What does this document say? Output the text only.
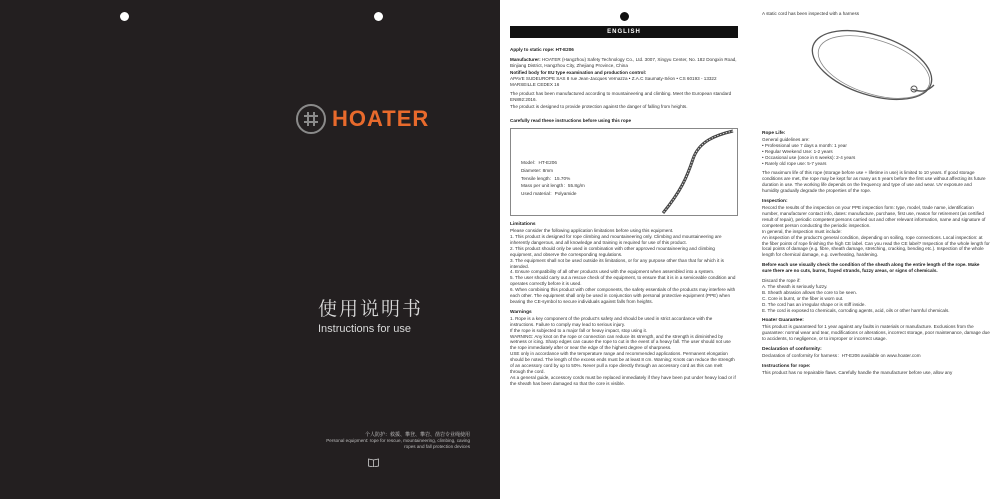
HOATER
使用说明书
Instructions for use
个人防护：救援、攀登、攀岩、凿岩专业绳使用
Personal equipment: rope for rescue, mountaineering, climbing, caving
ropes and fall protection devices
ENGLISH

Apply to static rope: HT-E206

Manufacturer: HOATER (Hangzhou) Safety Technology Co., Ltd. 3007, Xingyu Center, No. 182 Dongxin Road, Binjiang District, Hangzhou City, Zhejiang Province, China

Notified body for EU type examination and production control:
APAVE SUDEUROPE SAS 8 rue Jean-Jacques Vernazza • Z.A.C Saumaty-Séon • CS 60193 - 13322 MARSEILLE CEDEX 16

The product has been manufactured according to mountaineering and climbing. Meet the European standard EN892:2016.

The product is designed to provide protection against the danger of falling from heights.

Carefully read these instructions before using this rope

Model：HT-E206
Diameter: 8mm
Tensile length：15.70%
Mass per unit length：55.8g/m
Used material：Polyamide
Limitations

Please consider the following application limitations before using this equipment.

1. This product is designed for rope climbing and mountaineering only. Climbing and mountaineering are inherently dangerous, and all knowledge and training is required for use of this product.

2. This product should only be used in combination with other approved mountaineering and climbing equipment, and observe the corresponding regulations.

3. The equipment shall not be used outside its limitations, or for any purpose other than that for which it is intended.

4. Ensure compatibility of all other products used with the equipment when assembled into a system.

5. The user should carry out a rescue check of the equipment, to ensure that it is in a serviceable condition and operates correctly before it is used.

6. When combining this product with other components, the safety essentials of the products may interfere with each other. The equipment shall only be used in conjunction with personal protective equipment (PPE) when bearing the CE-symbol to secure individuals against falls from heights.

Warnings

1. Rope is a key component of the product's safety and should be used in strict accordance with the instructions. Failure to comply may lead to serious injury.

If the rope is subjected to a major fall or heavy impact, stop using it.

WARNING: Any knot on the rope or connection can reduce its strength, and the strength is diminished by wetness or icing. Sharp edges can cause the rope to cut in the event of a heavy fall. The user should not use the rope immediately after or near the edge of the highest degree of sharpness.

USE only in accordance with the temperature range and recommended applications. Permanent elongation should be noted. The length of the excess ends must be at least 8 cm. Warning: Knots can reduce the strength of an accessory cord by up to 50%. Never pull a rope directly through an accessory cord as this can melt through the cord.

As a general guide, accessory cords must be replaced immediately if they have been put under heavy load or if the sheath has been damaged so that the core is visible.

A static cord has been inspected with a harness

Rope Life:

General guidelines are:

• Professional use 7 days a month: 1 year

• Regular Weekend Use: 1-2 years

• Occasional use (once in 6 weeks): 2-4 years

• Rarely old rope use: 5-7 years

The maximum life of this rope (storage before use + lifetime in use) is limited to 10 years. If good storage conditions are met, the rope may be kept for as many as 5 years before the first use without affecting its future duration in use. The working life depends on the frequency and type of use and wear. UV exposure and humidity gradually degrade the properties of the rope.

Inspection:

Record the results of the inspection on your PPE inspection form: type, model, trade name, identification number, manufacturer contact info, dates: manufacture, purchase, first use, reason for retirement (as certified result of repair), periodic competent persons carried out and other relevant information, name and signature of competent person conducting the periodic inspection.

In general, the inspection must include:

An inspection of the product's general condition, depending on soiling, rope connections. Local inspection: at the fiber points of rope finishing the high CE label. Can you read the CE label? Inspection of the whole length for local points of damage (e.g. fibre, sheath damage, stretching, cracking, bending etc.). Inspection of the whole length for chemical damage, e.g. overheating, hardening.

Before each use visually check the condition of the sheath along the entire length of the rope. Make sure there are no cuts, burns, frayed strands, fuzzy areas, or signs of chemicals.

Discard the rope if:

A. The sheath is seriously fuzzy.

B. Sheath abrasion allows the core to be seen.

C. Core is burnt, or the fiber is worn out.

D. The cord has an irregular shape or is stiff inside.

E. The cord is exposed to chemicals, corroding agents, acid, oils or other harmful chemicals.

Hoater Guarantee:

This product is guaranteed for 1 year against any faults in materials or manufacture. Exclusions from the guarantee: normal wear and tear, modifications or alterations, incorrect storage, poor maintenance, damage due to accidents, to negligence, or to improper or incorrect usage.

Declaration of conformity:

Declaration of conformity for harness：HT-E206 available on www.hoater.com

Instructions for rope:

This product has no repairable flaws. Carefully handle the manufacturer before use, allow any
